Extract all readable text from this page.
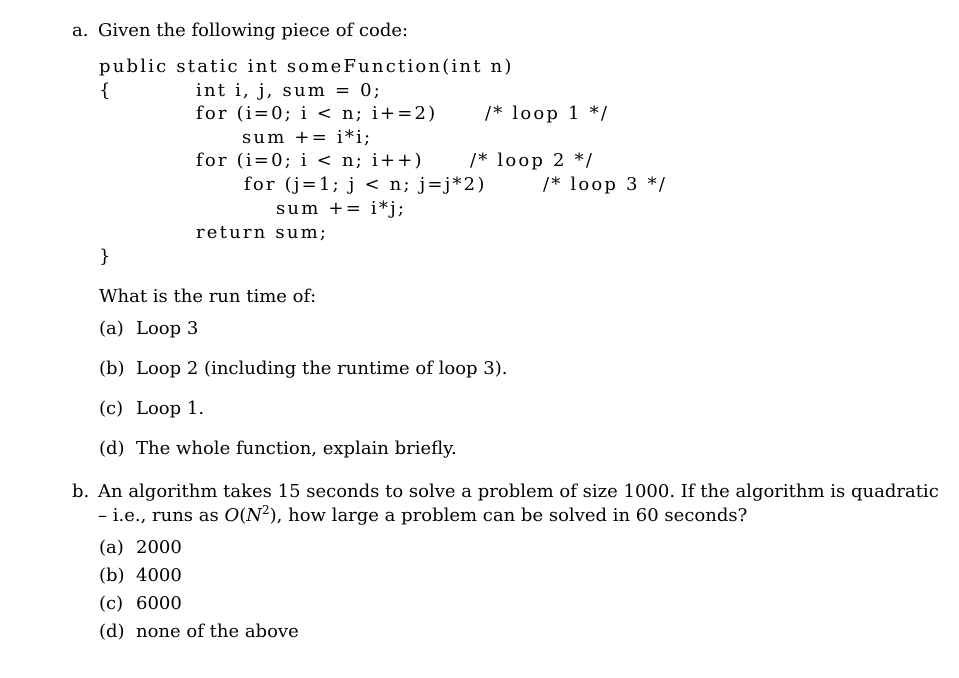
a. Given the following piece of code:
public static int someFunction(int n)
{	int i, j, sum = 0;
for (i=0; i < n; i+=2)	/* loop 1 */
sum += i*i;
for (i=0; i < n; i++)	/* loop 2 */
for (j=1; j < n; j=j*2)	/* loop 3 */
sum += i*j;
return sum;
}
What is the run time of:
(a) Loop 3
(b) Loop 2 (including the runtime of loop 3).
(c) Loop 1.
(d) The whole function, explain briefly.
b. An algorithm takes 15 seconds to solve a problem of size 1000. If the algorithm is quadratic
– i.e., runs as $O(N^2)$, how large a problem can be solved in 60 seconds?
(a) 2000
(b) 4000
(c) 6000
(d) none of the above
